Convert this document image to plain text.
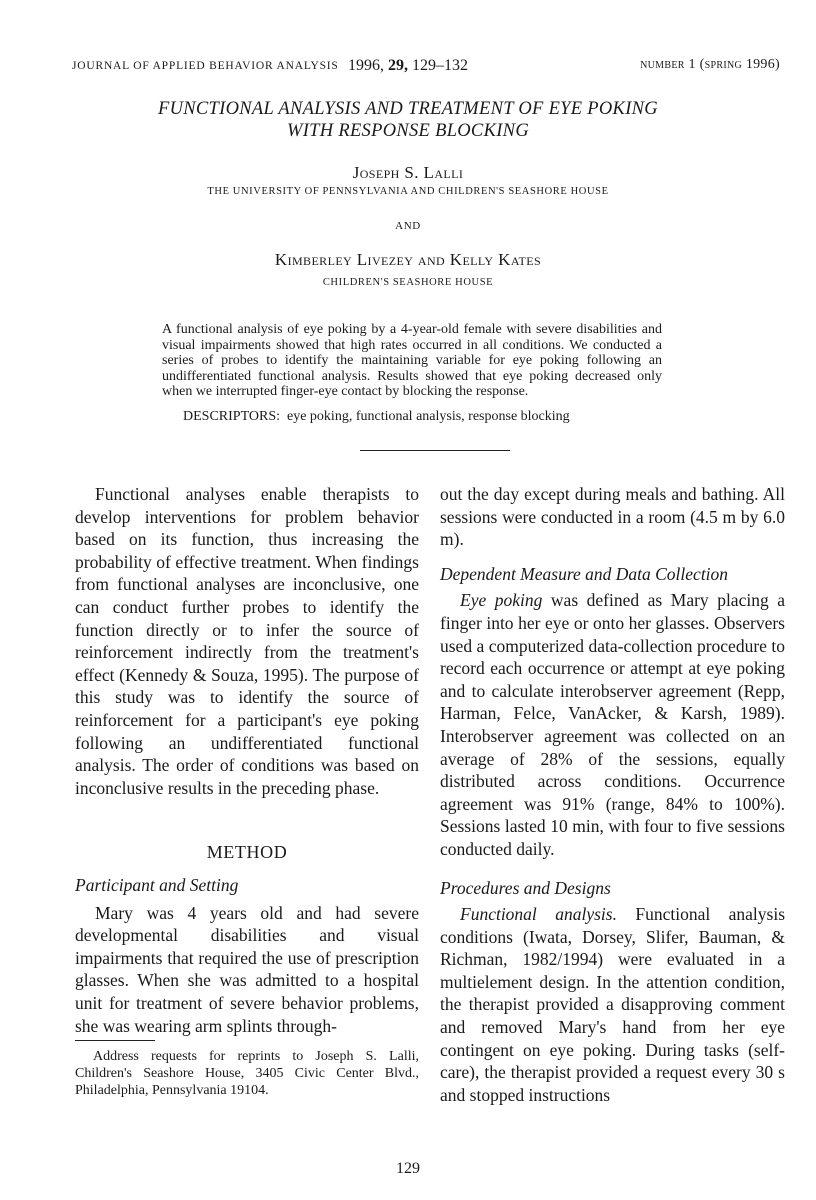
JOURNAL OF APPLIED BEHAVIOR ANALYSIS 1996, 29, 129–132	number 1 (spring 1996)
FUNCTIONAL ANALYSIS AND TREATMENT OF EYE POKING
WITH RESPONSE BLOCKING
Joseph S. Lalli
THE UNIVERSITY OF PENNSYLVANIA AND CHILDREN'S SEASHORE HOUSE
AND
Kimberley Livezey and Kelly Kates
CHILDREN'S SEASHORE HOUSE

A functional analysis of eye poking by a 4-year-old female with severe disabilities and visual impairments showed that high rates occurred in all conditions. We conducted a series of probes to identify the maintaining variable for eye poking following an undifferentiated functional analysis. Results showed that eye poking decreased only when we interrupted finger-eye contact by blocking the response.

DESCRIPTORS: eye poking, functional analysis, response blocking

Functional analyses enable therapists to develop interventions for problem behavior based on its function, thus increasing the probability of effective treatment. When findings from functional analyses are inconclusive, one can conduct further probes to identify the function directly or to infer the source of reinforcement indirectly from the treatment's effect (Kennedy & Souza, 1995). The purpose of this study was to identify the source of reinforcement for a participant's eye poking following an undifferentiated functional analysis. The order of conditions was based on inconclusive results in the preceding phase.

METHOD
Participant and Setting

Mary was 4 years old and had severe developmental disabilities and visual impairments that required the use of prescription glasses. When she was admitted to a hospital unit for treatment of severe behavior problems, she was wearing arm splints through-

Address requests for reprints to Joseph S. Lalli, Children's Seashore House, 3405 Civic Center Blvd., Philadelphia, Pennsylvania 19104.

out the day except during meals and bathing. All sessions were conducted in a room (4.5 m by 6.0 m).

Dependent Measure and Data Collection

Eye poking was defined as Mary placing a finger into her eye or onto her glasses. Observers used a computerized data-collection procedure to record each occurrence or attempt at eye poking and to calculate interobserver agreement (Repp, Harman, Felce, VanAcker, & Karsh, 1989). Interobserver agreement was collected on an average of 28% of the sessions, equally distributed across conditions. Occurrence agreement was 91% (range, 84% to 100%). Sessions lasted 10 min, with four to five sessions conducted daily.

Procedures and Designs

Functional analysis. Functional analysis conditions (Iwata, Dorsey, Slifer, Bauman, & Richman, 1982/1994) were evaluated in a multielement design. In the attention condition, the therapist provided a disapproving comment and removed Mary's hand from her eye contingent on eye poking. During tasks (self-care), the therapist provided a request every 30 s and stopped instructions

129
